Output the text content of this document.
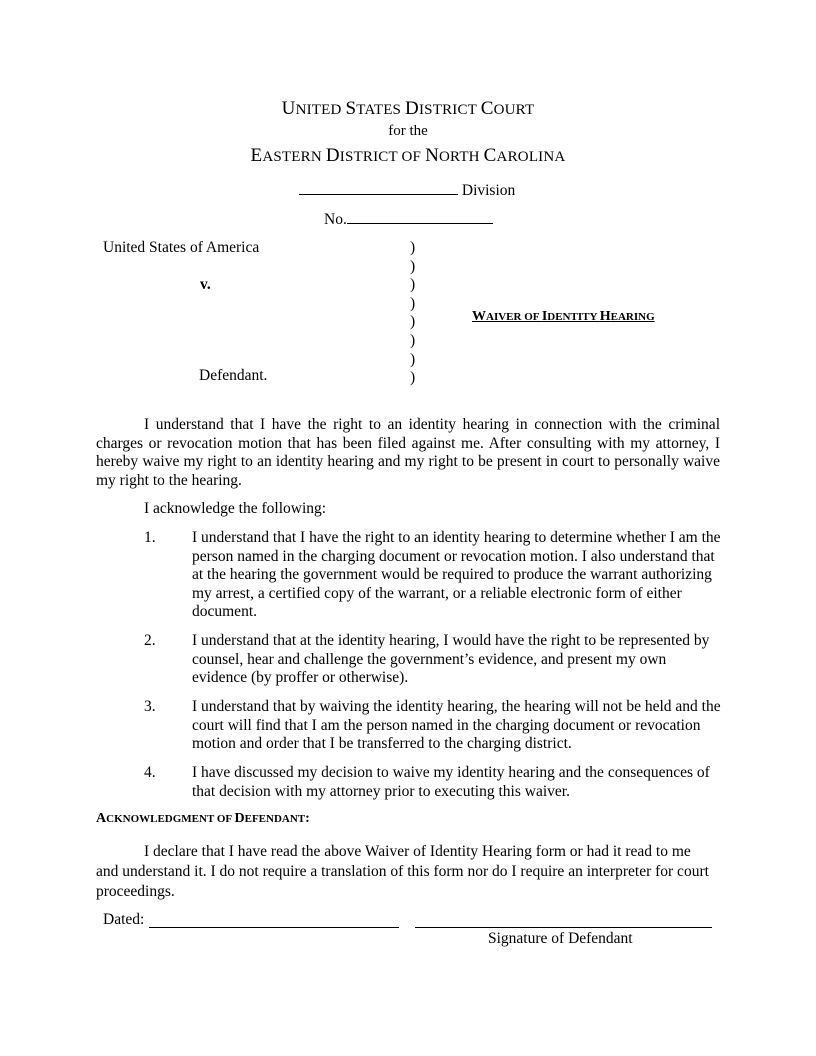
UNITED STATES DISTRICT COURT
for the
EASTERN DISTRICT OF NORTH CAROLINA
Division
No.
United States of America
v.
Defendant.
)
)
)
)
)
)
)
)
WAIVER OF IDENTITY HEARING
I understand that I have the right to an identity hearing in connection with the criminal charges or revocation motion that has been filed against me. After consulting with my attorney, I hereby waive my right to an identity hearing and my right to be present in court to personally waive my right to the hearing.
I acknowledge the following:
1. I understand that I have the right to an identity hearing to determine whether I am the person named in the charging document or revocation motion. I also understand that at the hearing the government would be required to produce the warrant authorizing my arrest, a certified copy of the warrant, or a reliable electronic form of either document.
2. I understand that at the identity hearing, I would have the right to be represented by counsel, hear and challenge the government’s evidence, and present my own evidence (by proffer or otherwise).
3. I understand that by waiving the identity hearing, the hearing will not be held and the court will find that I am the person named in the charging document or revocation motion and order that I be transferred to the charging district.
4. I have discussed my decision to waive my identity hearing and the consequences of that decision with my attorney prior to executing this waiver.
ACKNOWLEDGMENT OF DEFENDANT:
I declare that I have read the above Waiver of Identity Hearing form or had it read to me and understand it. I do not require a translation of this form nor do I require an interpreter for court proceedings.
Dated:
Signature of Defendant
